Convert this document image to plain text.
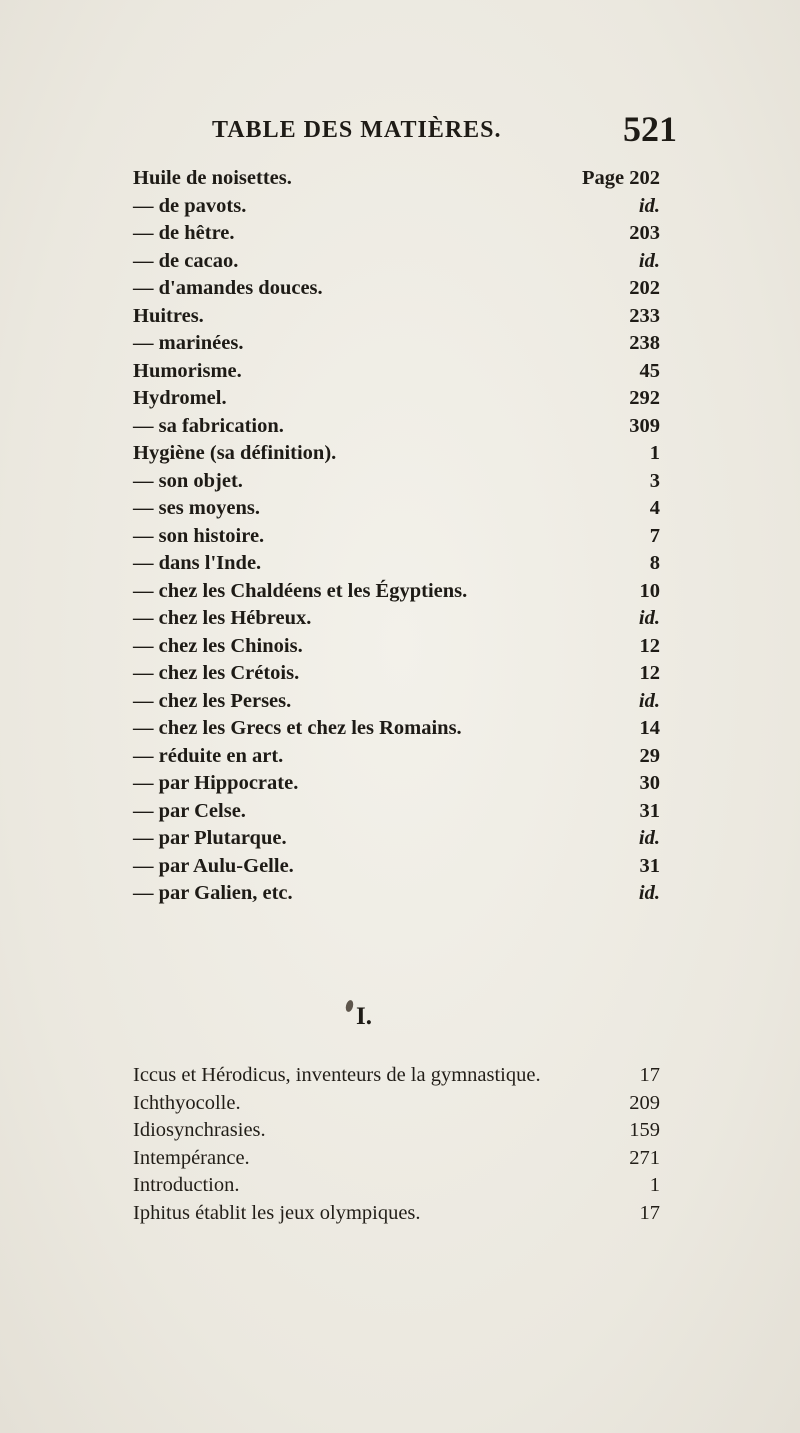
TABLE DES MATIÈRES.	521
Huile de noisettes.	Page 202
— de pavots.	id.
— de hêtre.	203
— de cacao.	id.
— d'amandes douces.	202
Huitres.	233
— marinées.	238
Humorisme.	45
Hydromel.	292
— sa fabrication.	309
Hygiène (sa définition).	1
— son objet.	3
— ses moyens.	4
— son histoire.	7
— dans l'Inde.	8
— chez les Chaldéens et les Égyptiens.	10
— chez les Hébreux.	id.
— chez les Chinois.	12
— chez les Crétois.	12
— chez les Perses.	id.
— chez les Grecs et chez les Romains.	14
— réduite en art.	29
— par Hippocrate.	30
— par Celse.	31
— par Plutarque.	id.
— par Aulu-Gelle.	31
— par Galien, etc.	id.
I.
Iccus et Hérodicus, inventeurs de la gymnastique.	17
Ichthyocolle.	209
Idiosynchrasies.	159
Intempérance.	271
Introduction.	1
Iphitus établit les jeux olympiques.	17
